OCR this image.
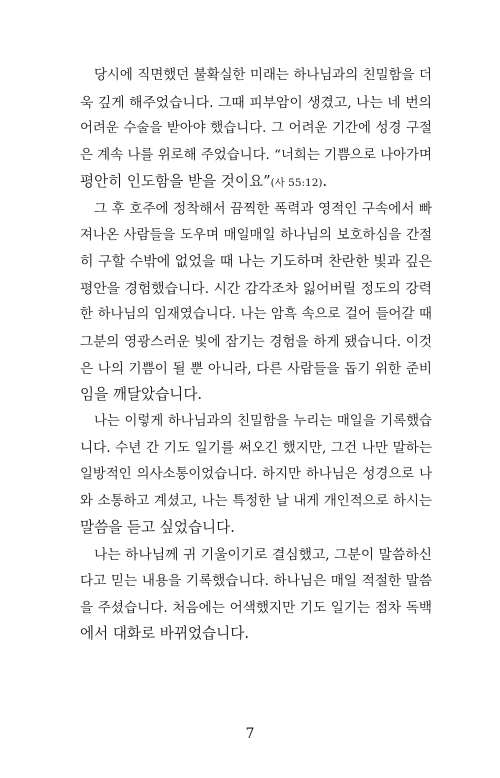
당시에 직면했던 불확실한 미래는 하나님과의 친밀함을 더
욱 깊게 해주었습니다. 그때 피부암이 생겼고, 나는 네 번의
어려운 수술을 받아야 했습니다. 그 어려운 기간에 성경 구절
은 계속 나를 위로해 주었습니다. “너희는 기쁨으로 나아가며
평안히 인도함을 받을 것이요”(사 55:12).
그 후 호주에 정착해서 끔찍한 폭력과 영적인 구속에서 빠
져나온 사람들을 도우며 매일매일 하나님의 보호하심을 간절
히 구할 수밖에 없었을 때 나는 기도하며 찬란한 빛과 깊은
평안을 경험했습니다. 시간 감각조차 잃어버릴 정도의 강력
한 하나님의 임재였습니다. 나는 암흑 속으로 걸어 들어갈 때
그분의 영광스러운 빛에 잠기는 경험을 하게 됐습니다. 이것
은 나의 기쁨이 될 뿐 아니라, 다른 사람들을 돕기 위한 준비
임을 깨달았습니다.
나는 이렇게 하나님과의 친밀함을 누리는 매일을 기록했습
니다. 수년 간 기도 일기를 써오긴 했지만, 그건 나만 말하는
일방적인 의사소통이었습니다. 하지만 하나님은 성경으로 나
와 소통하고 계셨고, 나는 특정한 날 내게 개인적으로 하시는
말씀을 듣고 싶었습니다.
나는 하나님께 귀 기울이기로 결심했고, 그분이 말씀하신
다고 믿는 내용을 기록했습니다. 하나님은 매일 적절한 말씀
을 주셨습니다. 처음에는 어색했지만 기도 일기는 점차 독백
에서 대화로 바뀌었습니다.
7
